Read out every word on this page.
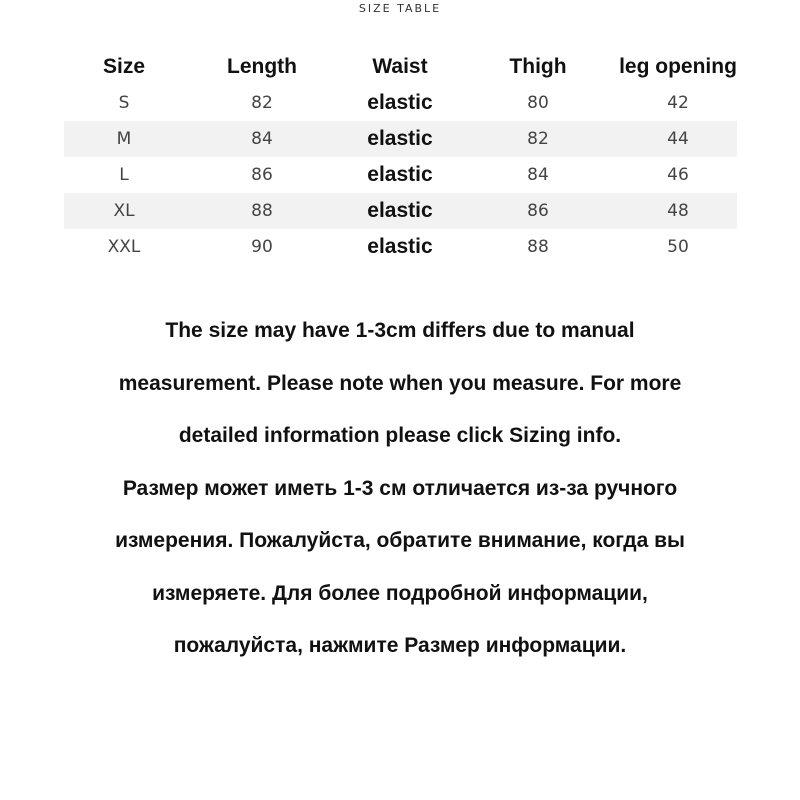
SIZE TABLE
Size	Length	Waist	Thigh	leg opening
S	82	elastic	80	42
M	84	elastic	82	44
L	86	elastic	84	46
XL	88	elastic	86	48
XXL	90	elastic	88	50
The size may have 1-3cm differs due to manual
measurement. Please note when you measure. For more
detailed information please click Sizing info.
Размер может иметь 1-3 см отличается из-за ручного
измерения. Пожалуйста, обратите внимание, когда вы
измеряете. Для более подробной информации,
пожалуйста, нажмите Размер информации.
